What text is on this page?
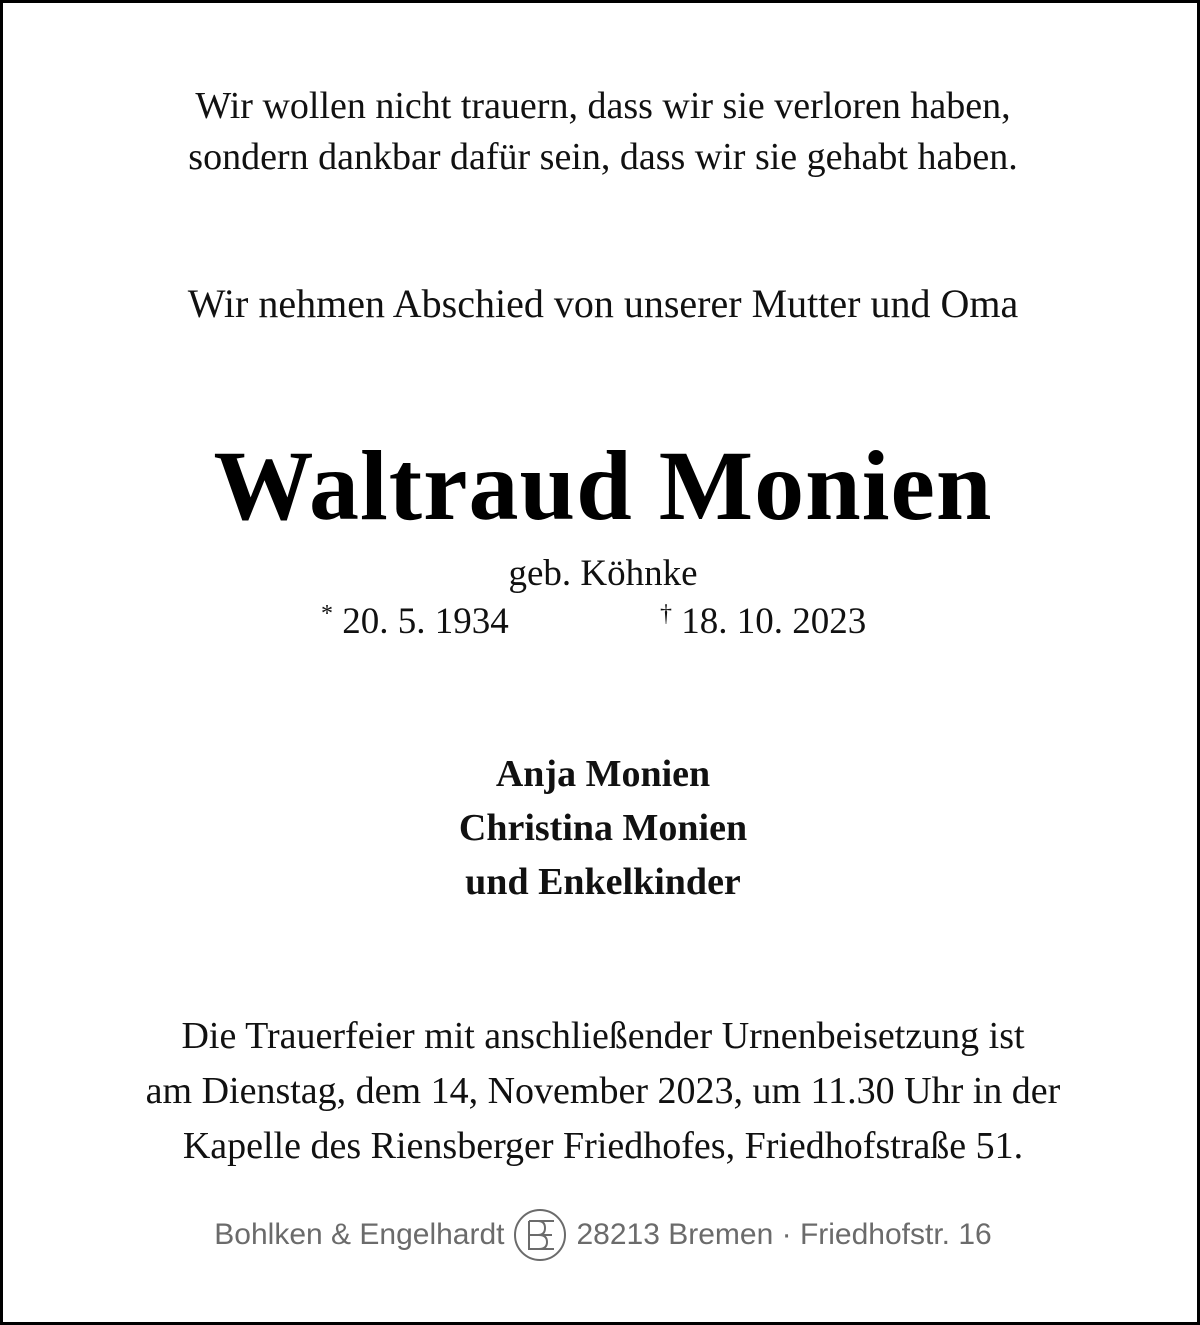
Wir wollen nicht trauern, dass wir sie verloren haben,
sondern dankbar dafür sein, dass wir sie gehabt haben.
Wir nehmen Abschied von unserer Mutter und Oma
Waltraud Monien
geb. Köhnke
* 20. 5. 1934	† 18. 10. 2023
Anja Monien
Christina Monien
und Enkelkinder
Die Trauerfeier mit anschließender Urnenbeisetzung ist
am Dienstag, dem 14, November 2023, um 11.30 Uhr in der
Kapelle des Riensberger Friedhofes, Friedhofstraße 51.
Bohlken & Engelhardt 28213 Bremen · Friedhofstr. 16
